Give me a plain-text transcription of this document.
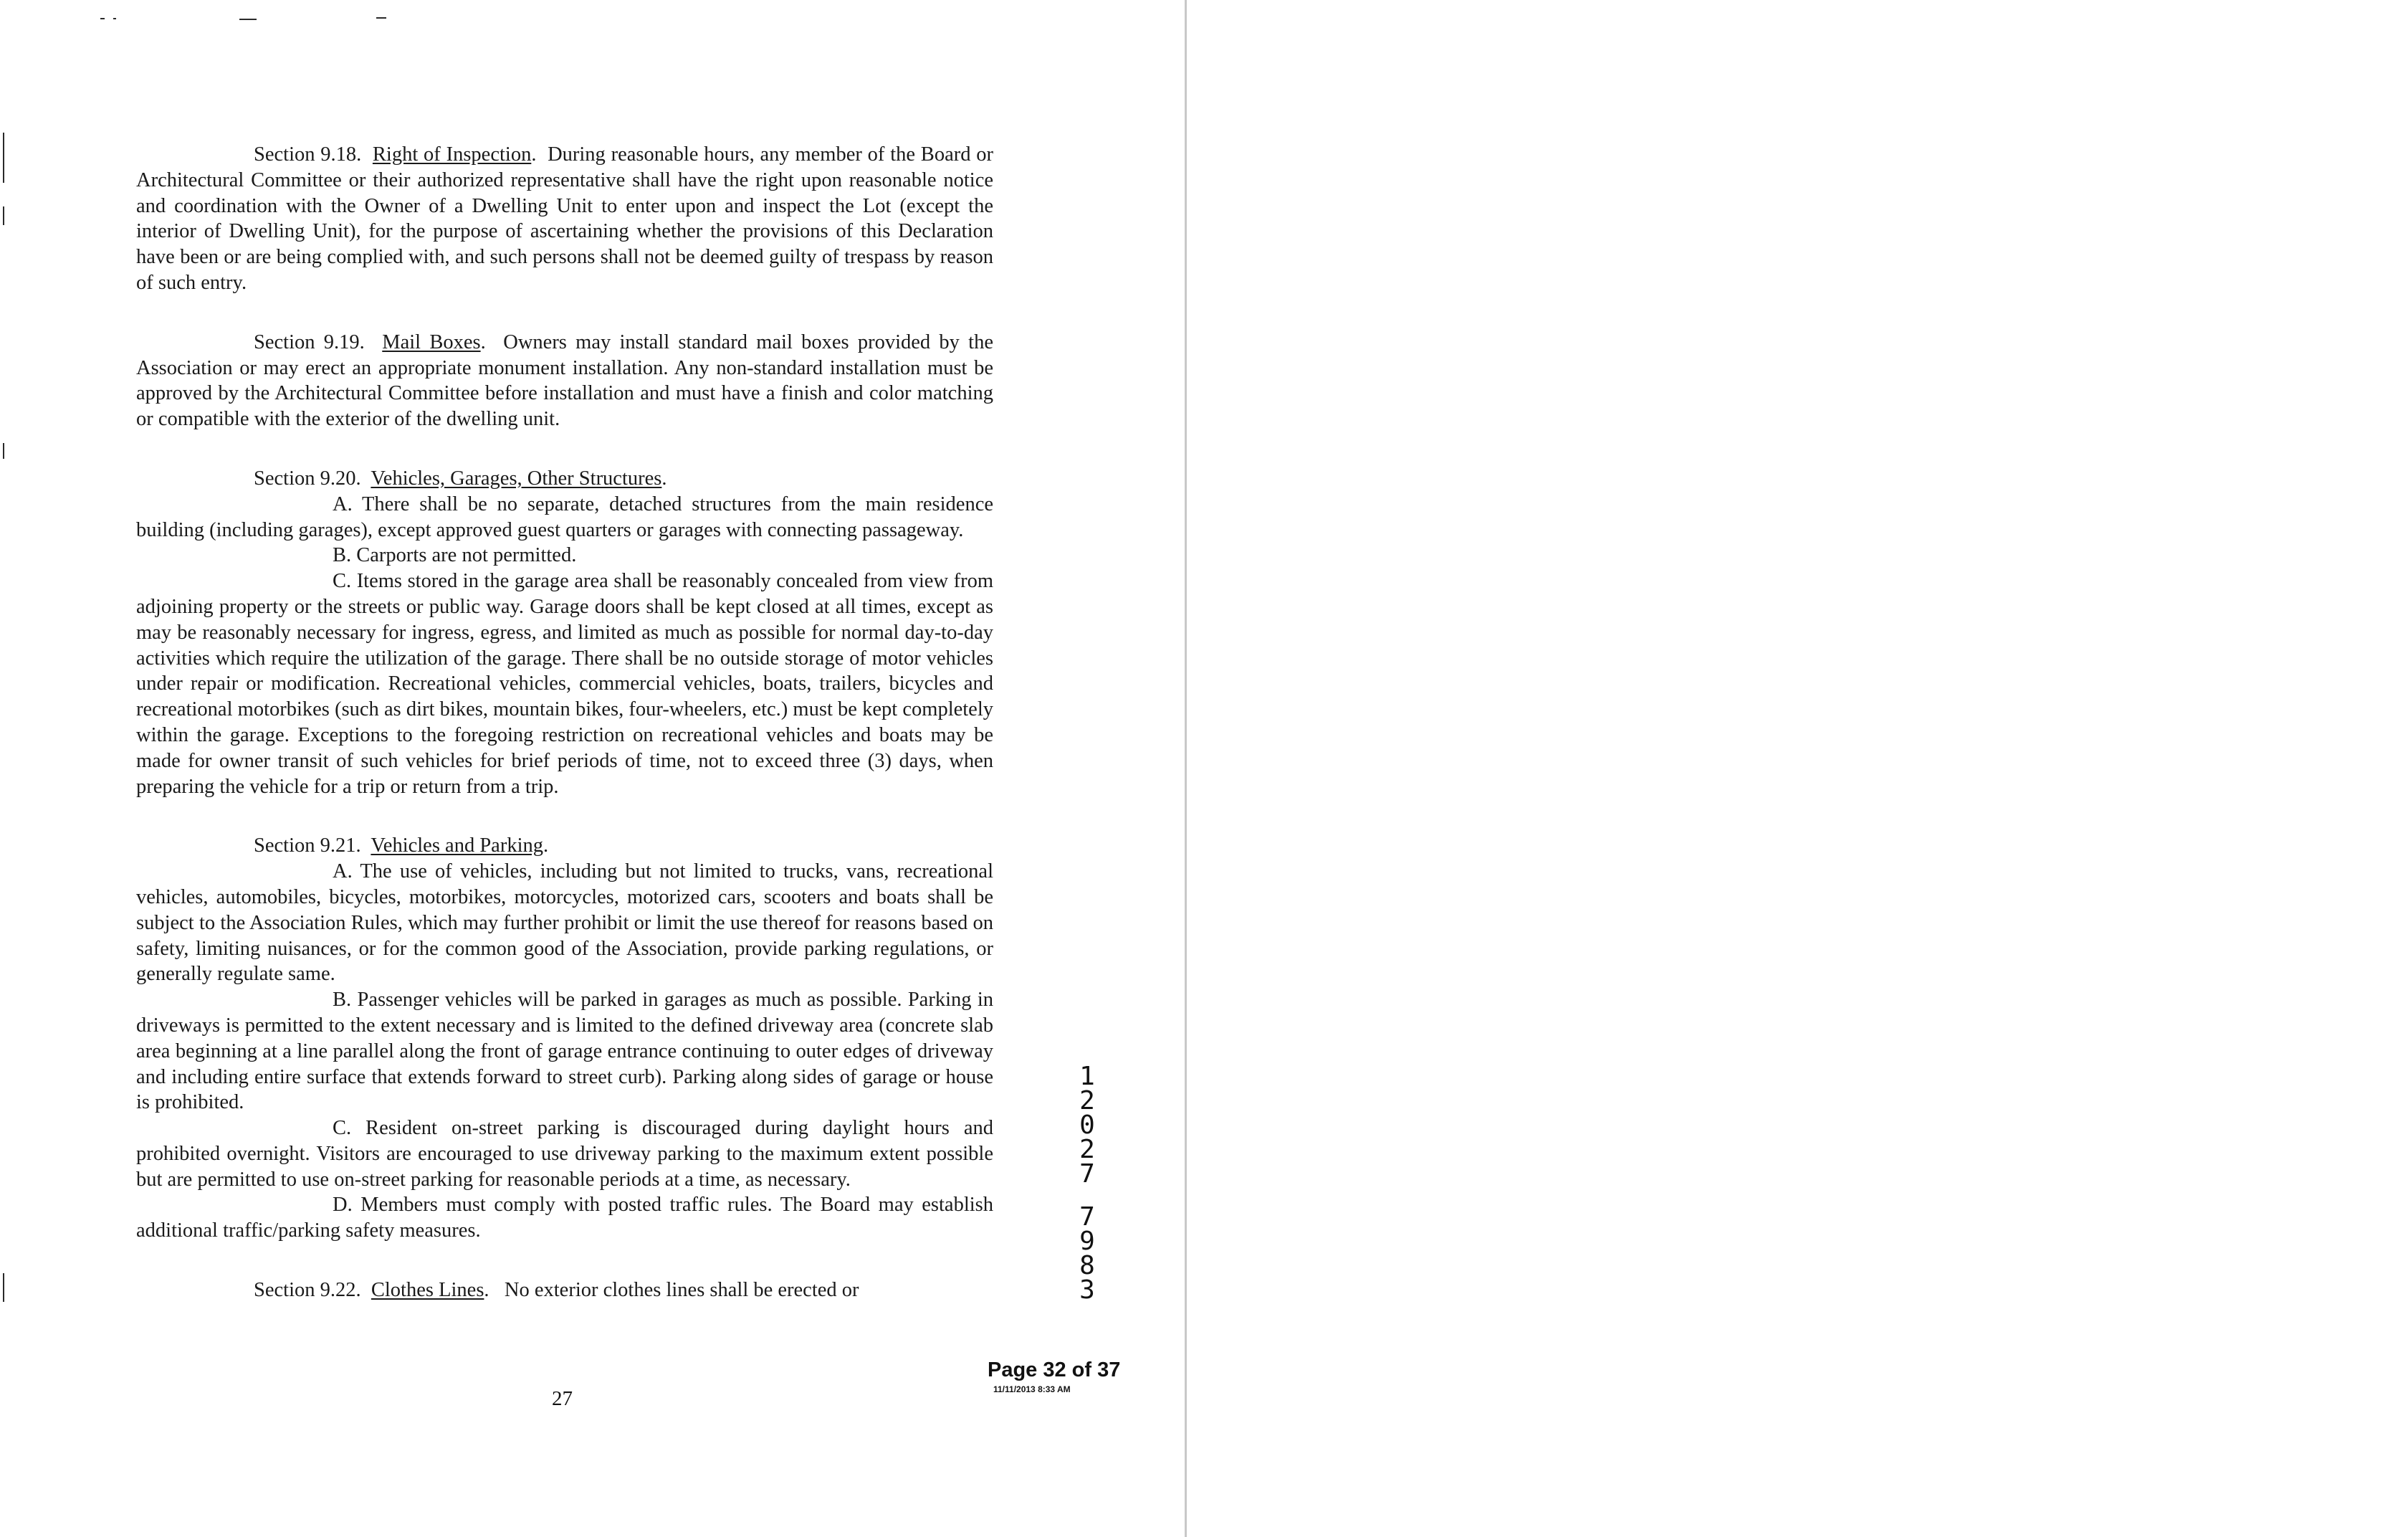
Section 9.18. Right of Inspection.  During reasonable hours, any member of the Board or Architectural Committee or their authorized representative shall have the right upon reasonable notice and coordination with the Owner of a Dwelling Unit to enter upon and inspect the Lot (except the interior of Dwelling Unit), for the purpose of ascertaining whether the provisions of this Declaration have been or are being complied with, and such persons shall not be deemed guilty of trespass by reason of such entry.

Section 9.19. Mail Boxes.  Owners may install standard mail boxes provided by the Association or may erect an appropriate monument installation. Any non-standard installation must be approved by the Architectural Committee before installation and must have a finish and color matching or compatible with the exterior of the dwelling unit.

Section 9.20. Vehicles, Garages, Other Structures.

A. There shall be no separate, detached structures from the main residence building (including garages), except approved guest quarters or garages with connecting passageway.

B. Carports are not permitted.

C. Items stored in the garage area shall be reasonably concealed from view from adjoining property or the streets or public way. Garage doors shall be kept closed at all times, except as may be reasonably necessary for ingress, egress, and limited as much as possible for normal day-to-day activities which require the utilization of the garage. There shall be no outside storage of motor vehicles under repair or modification. Recreational vehicles, commercial vehicles, boats, trailers, bicycles and recreational motorbikes (such as dirt bikes, mountain bikes, four-wheelers, etc.) must be kept completely within the garage. Exceptions to the foregoing restriction on recreational vehicles and boats may be made for owner transit of such vehicles for brief periods of time, not to exceed three (3) days, when preparing the vehicle for a trip or return from a trip.

Section 9.21. Vehicles and Parking.

A. The use of vehicles, including but not limited to trucks, vans, recreational vehicles, automobiles, bicycles, motorbikes, motorcycles, motorized cars, scooters and boats shall be subject to the Association Rules, which may further prohibit or limit the use thereof for reasons based on safety, limiting nuisances, or for the common good of the Association, provide parking regulations, or generally regulate same.

B. Passenger vehicles will be parked in garages as much as possible. Parking in driveways is permitted to the extent necessary and is limited to the defined driveway area (concrete slab area beginning at a line parallel along the front of garage entrance continuing to outer edges of driveway and including entire surface that extends forward to street curb). Parking along sides of garage or house is prohibited.

C. Resident on-street parking is discouraged during daylight hours and prohibited overnight. Visitors are encouraged to use driveway parking to the maximum extent possible but are permitted to use on-street parking for reasonable periods at a time, as necessary.

D. Members must comply with posted traffic rules. The Board may establish additional traffic/parking safety measures.

Section 9.22. Clothes Lines.   No exterior clothes lines shall be erected or

1
2
0
2
7
7
9
8
3
Page 32 of 37
11/11/2013 8:33 AM
27
